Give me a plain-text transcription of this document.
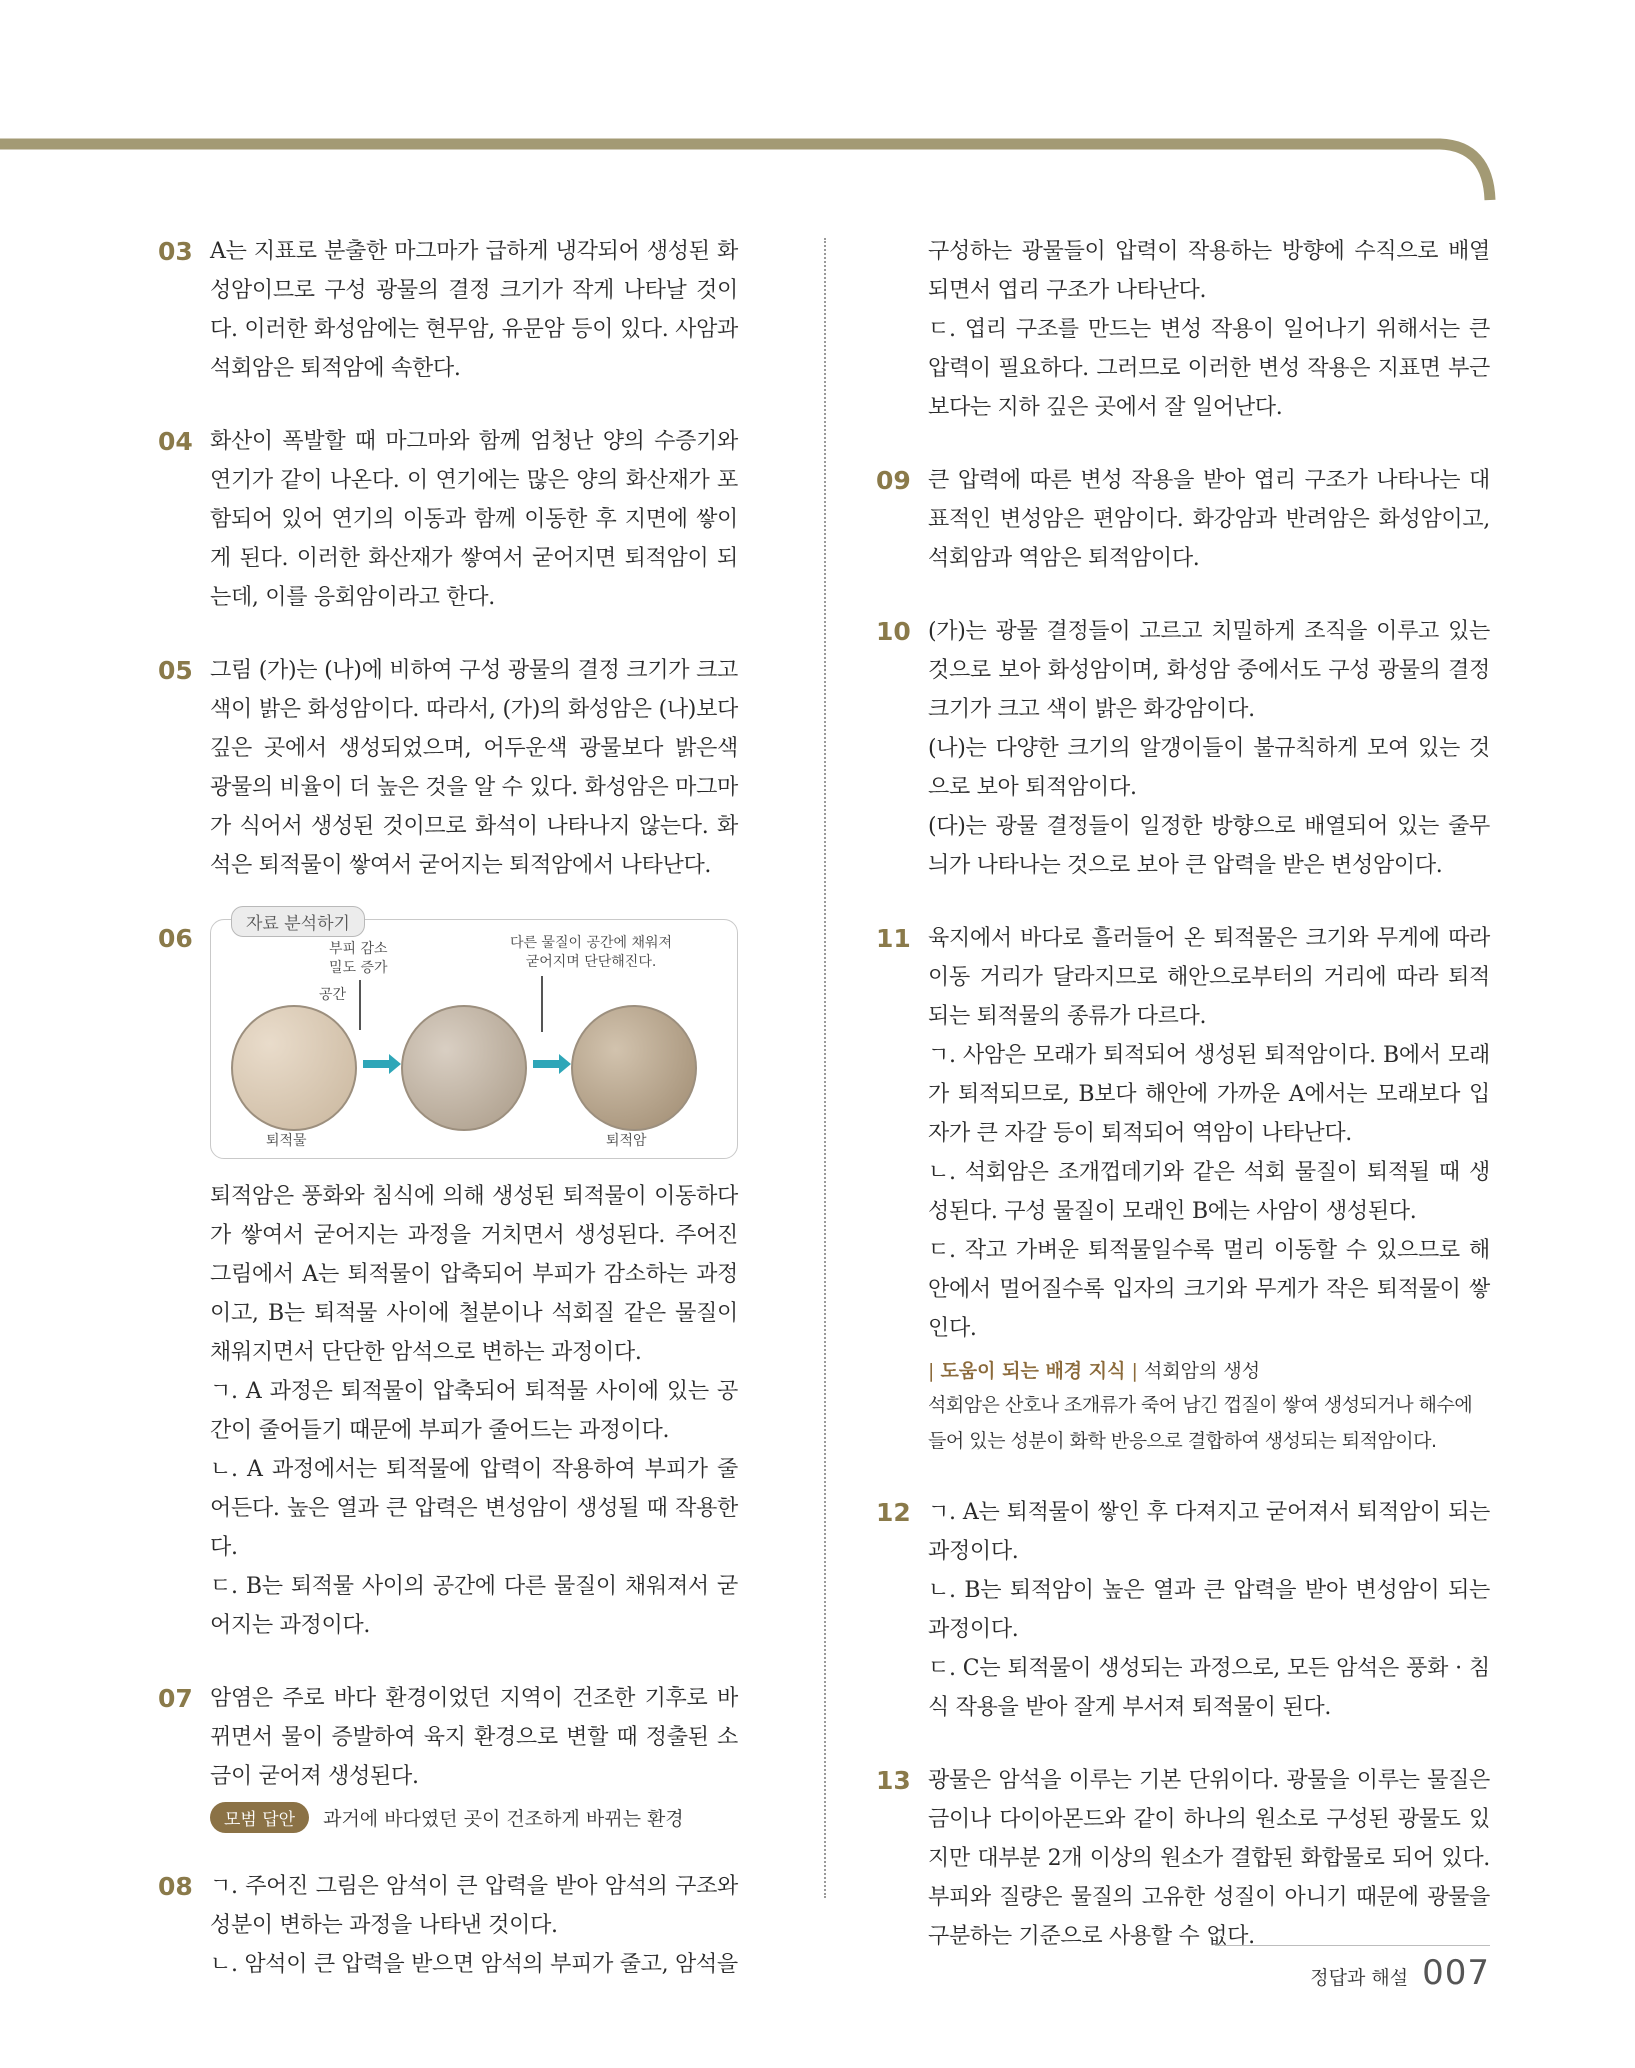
03 A는 지표로 분출한 마그마가 급하게 냉각되어 생성된 화성암이므로 구성 광물의 결정 크기가 작게 나타날 것이다. 이러한 화성암에는 현무암, 유문암 등이 있다. 사암과 석회암은 퇴적암에 속한다.

04 화산이 폭발할 때 마그마와 함께 엄청난 양의 수증기와 연기가 같이 나온다. 이 연기에는 많은 양의 화산재가 포함되어 있어 연기의 이동과 함께 이동한 후 지면에 쌓이게 된다. 이러한 화산재가 쌓여서 굳어지면 퇴적암이 되는데, 이를 응회암이라고 한다.

05 그림 (가)는 (나)에 비하여 구성 광물의 결정 크기가 크고 색이 밝은 화성암이다. 따라서, (가)의 화성암은 (나)보다 깊은 곳에서 생성되었으며, 어두운색 광물보다 밝은색 광물의 비율이 더 높은 것을 알 수 있다. 화성암은 마그마가 식어서 생성된 것이므로 화석이 나타나지 않는다. 화석은 퇴적물이 쌓여서 굳어지는 퇴적암에서 나타난다.

06	자료 분석하기
부피 감소
밀도 증가
다른 물질이 공간에 채워져
굳어지며 단단해진다.
공간
퇴적물	퇴적암

퇴적암은 풍화와 침식에 의해 생성된 퇴적물이 이동하다가 쌓여서 굳어지는 과정을 거치면서 생성된다. 주어진 그림에서 A는 퇴적물이 압축되어 부피가 감소하는 과정이고, B는 퇴적물 사이에 철분이나 석회질 같은 물질이 채워지면서 단단한 암석으로 변하는 과정이다.

ㄱ. A 과정은 퇴적물이 압축되어 퇴적물 사이에 있는 공간이 줄어들기 때문에 부피가 줄어드는 과정이다.

ㄴ. A 과정에서는 퇴적물에 압력이 작용하여 부피가 줄어든다. 높은 열과 큰 압력은 변성암이 생성될 때 작용한다.

ㄷ. B는 퇴적물 사이의 공간에 다른 물질이 채워져서 굳어지는 과정이다.

07 암염은 주로 바다 환경이었던 지역이 건조한 기후로 바뀌면서 물이 증발하여 육지 환경으로 변할 때 정출된 소금이 굳어져 생성된다.

모범 답안	과거에 바다였던 곳이 건조하게 바뀌는 환경
08 ㄱ. 주어진 그림은 암석이 큰 압력을 받아 암석의 구조와 성분이 변하는 과정을 나타낸 것이다.

ㄴ. 암석이 큰 압력을 받으면 암석의 부피가 줄고, 암석을

구성하는 광물들이 압력이 작용하는 방향에 수직으로 배열되면서 엽리 구조가 나타난다.

ㄷ. 엽리 구조를 만드는 변성 작용이 일어나기 위해서는 큰 압력이 필요하다. 그러므로 이러한 변성 작용은 지표면 부근보다는 지하 깊은 곳에서 잘 일어난다.

09 큰 압력에 따른 변성 작용을 받아 엽리 구조가 나타나는 대표적인 변성암은 편암이다. 화강암과 반려암은 화성암이고, 석회암과 역암은 퇴적암이다.

10 (가)는 광물 결정들이 고르고 치밀하게 조직을 이루고 있는 것으로 보아 화성암이며, 화성암 중에서도 구성 광물의 결정 크기가 크고 색이 밝은 화강암이다.

(나)는 다양한 크기의 알갱이들이 불규칙하게 모여 있는 것으로 보아 퇴적암이다.

(다)는 광물 결정들이 일정한 방향으로 배열되어 있는 줄무늬가 나타나는 것으로 보아 큰 압력을 받은 변성암이다.

11 육지에서 바다로 흘러들어 온 퇴적물은 크기와 무게에 따라 이동 거리가 달라지므로 해안으로부터의 거리에 따라 퇴적되는 퇴적물의 종류가 다르다.

ㄱ. 사암은 모래가 퇴적되어 생성된 퇴적암이다. B에서 모래가 퇴적되므로, B보다 해안에 가까운 A에서는 모래보다 입자가 큰 자갈 등이 퇴적되어 역암이 나타난다.

ㄴ. 석회암은 조개껍데기와 같은 석회 물질이 퇴적될 때 생성된다. 구성 물질이 모래인 B에는 사암이 생성된다.

ㄷ. 작고 가벼운 퇴적물일수록 멀리 이동할 수 있으므로 해안에서 멀어질수록 입자의 크기와 무게가 작은 퇴적물이 쌓인다.

| 도움이 되는 배경 지식 | 석회암의 생성

석회암은 산호나 조개류가 죽어 남긴 껍질이 쌓여 생성되거나 해수에 들어 있는 성분이 화학 반응으로 결합하여 생성되는 퇴적암이다.

12 ㄱ. A는 퇴적물이 쌓인 후 다져지고 굳어져서 퇴적암이 되는 과정이다.

ㄴ. B는 퇴적암이 높은 열과 큰 압력을 받아 변성암이 되는 과정이다.

ㄷ. C는 퇴적물이 생성되는 과정으로, 모든 암석은 풍화 · 침식 작용을 받아 잘게 부서져 퇴적물이 된다.

13 광물은 암석을 이루는 기본 단위이다. 광물을 이루는 물질은 금이나 다이아몬드와 같이 하나의 원소로 구성된 광물도 있지만 대부분 2개 이상의 원소가 결합된 화합물로 되어 있다. 부피와 질량은 물질의 고유한 성질이 아니기 때문에 광물을 구분하는 기준으로 사용할 수 없다.

정답과 해설 007
